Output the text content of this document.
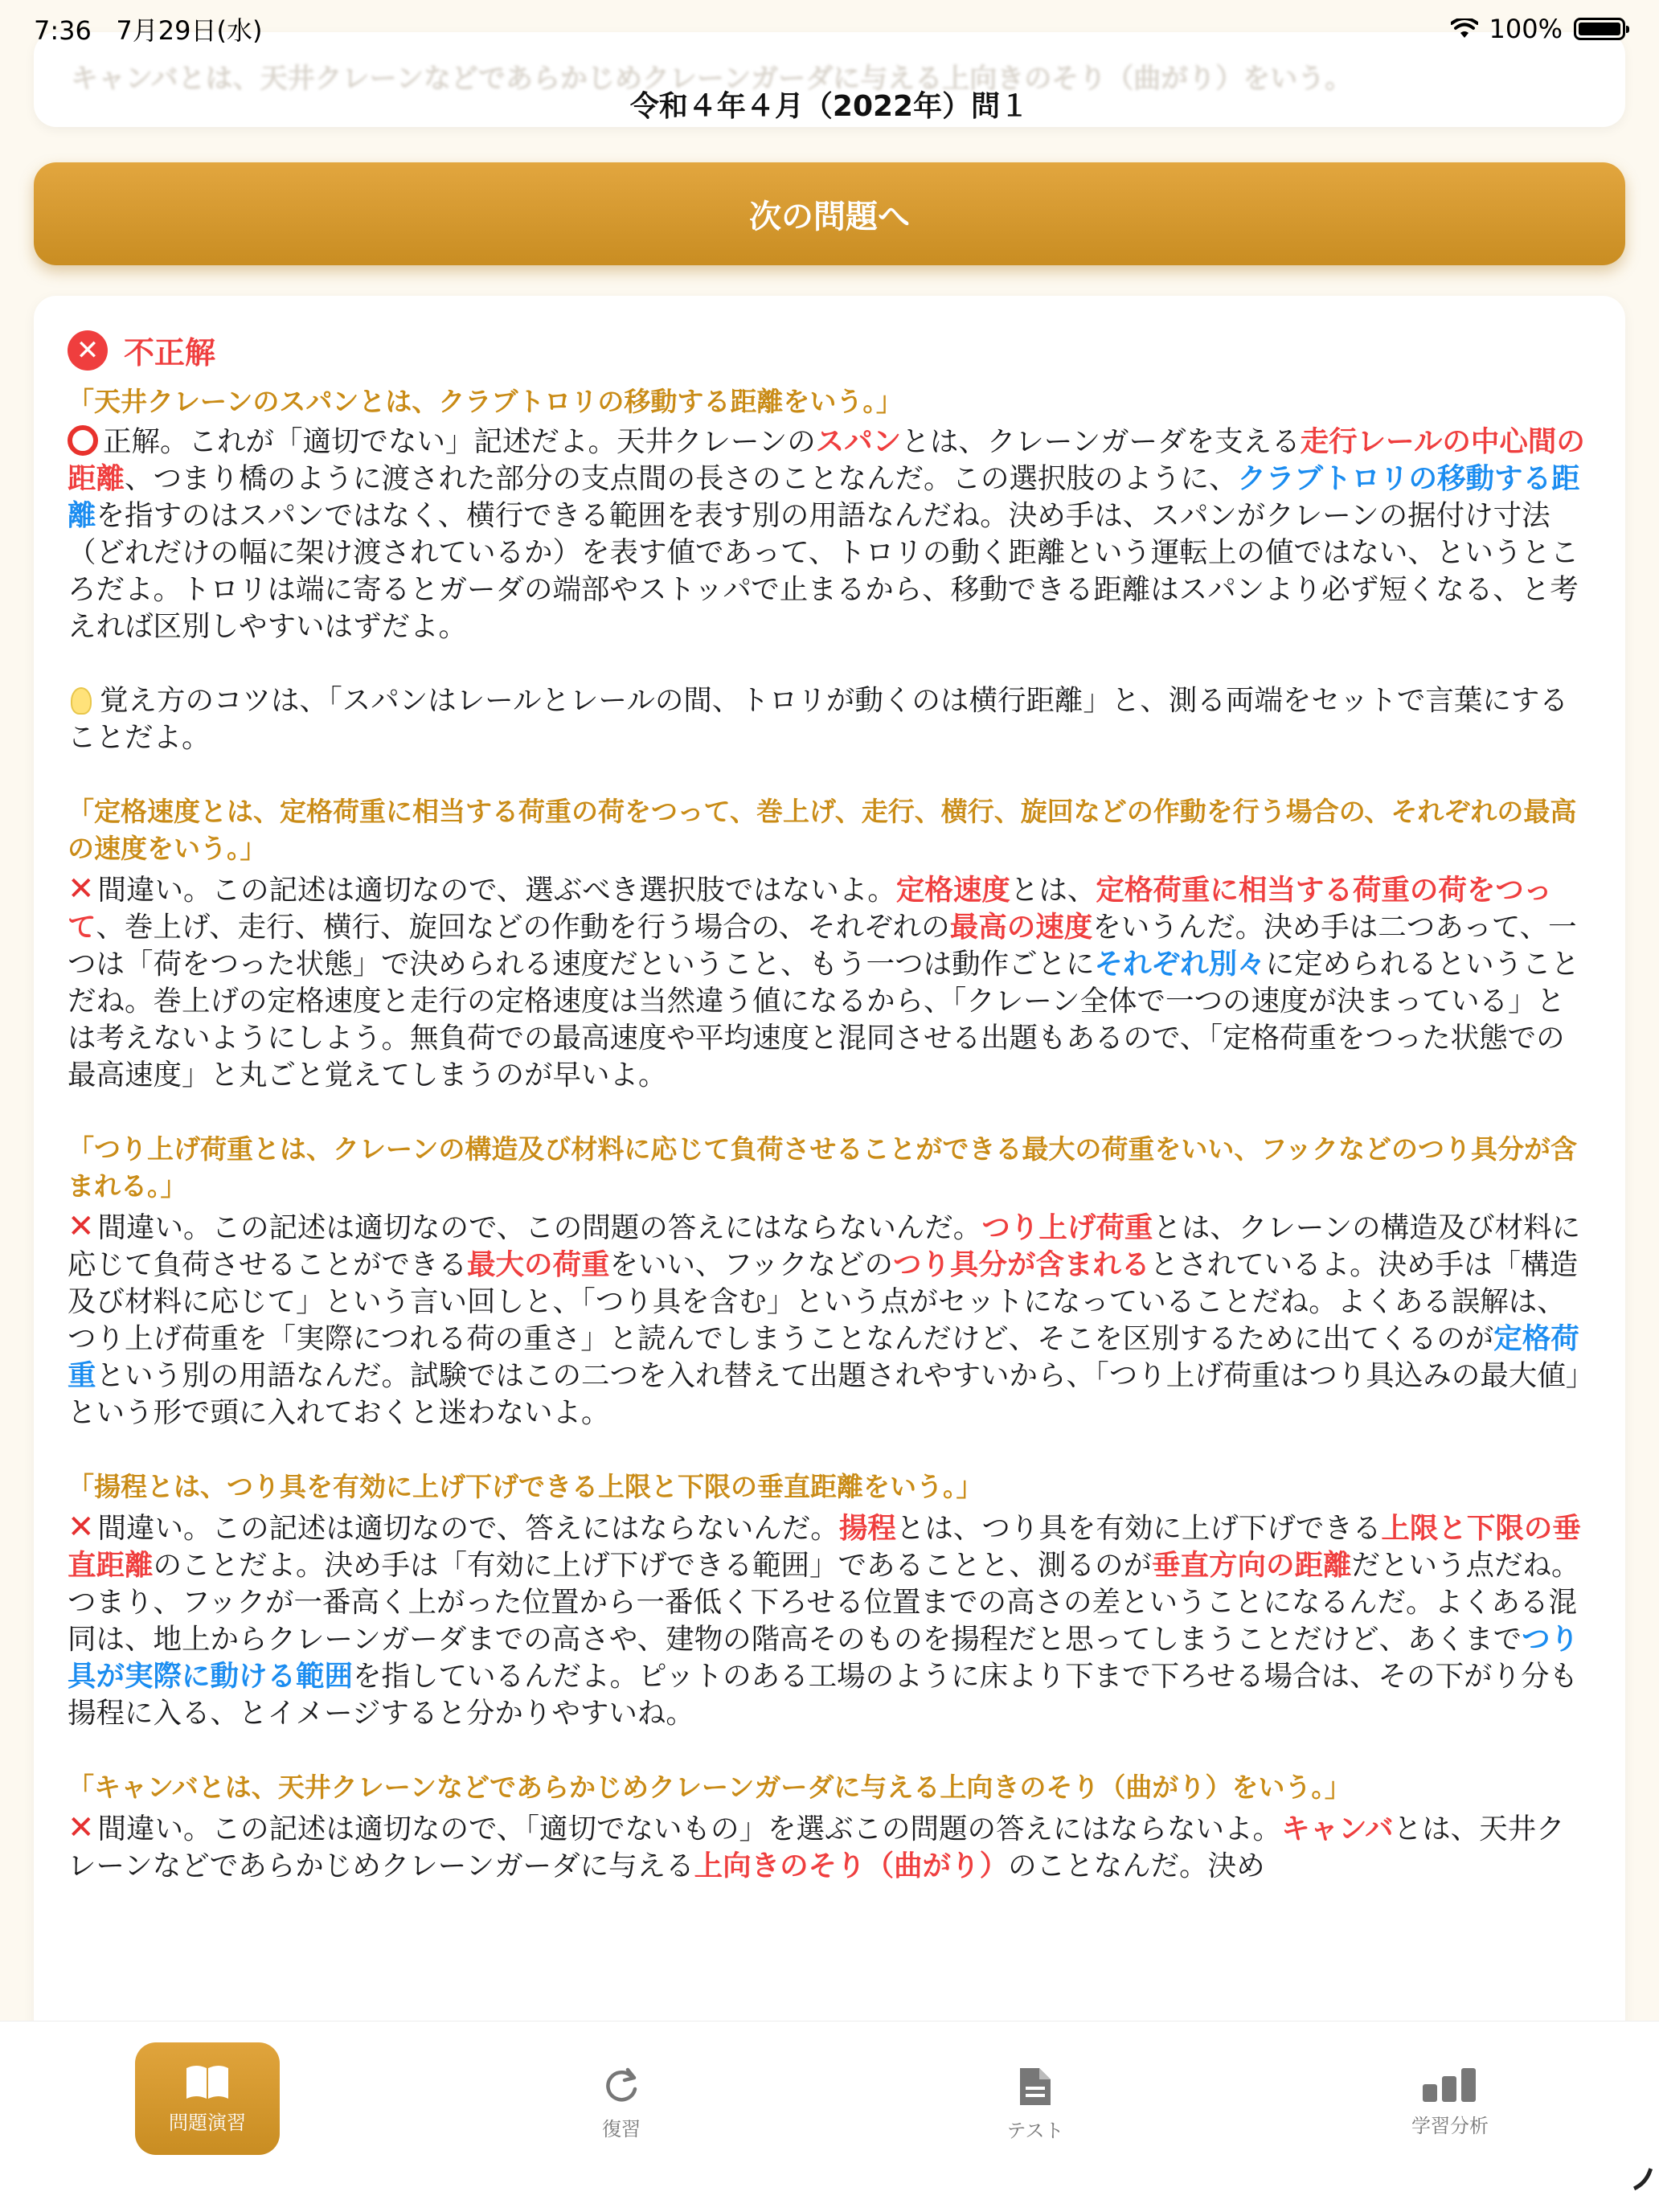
7:36 7月29日(水)	100%
キャンバとは、天井クレーンなどであらかじめクレーンガーダに与える上向きのそり（曲がり）をいう。
令和４年４月（2022年）問１
次の問題へ
✕ 不正解
「天井クレーンのスパンとは、クラブトロリの移動する距離をいう。」
正解。これが「適切でない」記述だよ。天井クレーンのスパンとは、クレーンガーダを支える走行レールの中心間の距離、つまり橋のように渡された部分の支点間の長さのことなんだ。この選択肢のように、クラブトロリの移動する距離を指すのはスパンではなく、横行できる範囲を表す別の用語なんだね。決め手は、スパンがクレーンの据付け寸法（どれだけの幅に架け渡されているか）を表す値であって、トロリの動く距離という運転上の値ではない、というところだよ。トロリは端に寄るとガーダの端部やストッパで止まるから、移動できる距離はスパンより必ず短くなる、と考えれば区別しやすいはずだよ。
覚え方のコツは、「スパンはレールとレールの間、トロリが動くのは横行距離」と、測る両端をセットで言葉にすることだよ。
「定格速度とは、定格荷重に相当する荷重の荷をつって、巻上げ、走行、横行、旋回などの作動を行う場合の、それぞれの最高の速度をいう。」
✕ 間違い。この記述は適切なので、選ぶべき選択肢ではないよ。定格速度とは、定格荷重に相当する荷重の荷をつって、巻上げ、走行、横行、旋回などの作動を行う場合の、それぞれの最高の速度をいうんだ。決め手は二つあって、一つは「荷をつった状態」で決められる速度だということ、もう一つは動作ごとにそれぞれ別々に定められるということだね。巻上げの定格速度と走行の定格速度は当然違う値になるから、「クレーン全体で一つの速度が決まっている」とは考えないようにしよう。無負荷での最高速度や平均速度と混同させる出題もあるので、「定格荷重をつった状態での最高速度」と丸ごと覚えてしまうのが早いよ。
「つり上げ荷重とは、クレーンの構造及び材料に応じて負荷させることができる最大の荷重をいい、フックなどのつり具分が含まれる。」
✕ 間違い。この記述は適切なので、この問題の答えにはならないんだ。つり上げ荷重とは、クレーンの構造及び材料に応じて負荷させることができる最大の荷重をいい、フックなどのつり具分が含まれるとされているよ。決め手は「構造及び材料に応じて」という言い回しと、「つり具を含む」という点がセットになっていることだね。よくある誤解は、つり上げ荷重を「実際につれる荷の重さ」と読んでしまうことなんだけど、そこを区別するために出てくるのが定格荷重という別の用語なんだ。試験ではこの二つを入れ替えて出題されやすいから、「つり上げ荷重はつり具込みの最大値」という形で頭に入れておくと迷わないよ。
「揚程とは、つり具を有効に上げ下げできる上限と下限の垂直距離をいう。」
✕ 間違い。この記述は適切なので、答えにはならないんだ。揚程とは、つり具を有効に上げ下げできる上限と下限の垂直距離のことだよ。決め手は「有効に上げ下げできる範囲」であることと、測るのが垂直方向の距離だという点だね。つまり、フックが一番高く上がった位置から一番低く下ろせる位置までの高さの差ということになるんだ。よくある混同は、地上からクレーンガーダまでの高さや、建物の階高そのものを揚程だと思ってしまうことだけど、あくまでつり具が実際に動ける範囲を指しているんだよ。ピットのある工場のように床より下まで下ろせる場合は、その下がり分も揚程に入る、とイメージすると分かりやすいね。
「キャンバとは、天井クレーンなどであらかじめクレーンガーダに与える上向きのそり（曲がり）をいう。」
✕ 間違い。この記述は適切なので、「適切でないもの」を選ぶこの問題の答えにはならないよ。キャンバとは、天井クレーンなどであらかじめクレーンガーダに与える上向きのそり（曲がり）のことなんだ。決め
問題演習	復習	テスト	学習分析
